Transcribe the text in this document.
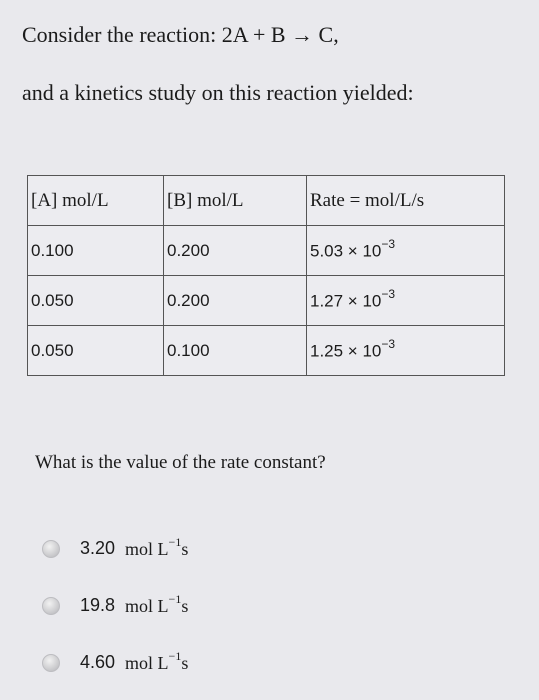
Consider the reaction: 2A + B → C,
and a kinetics study on this reaction yielded:
[A] mol/L	[B] mol/L	Rate = mol/L/s
0.100	0.200	$5.03 \times 10^{-3}$
0.050	0.200	$1.27 \times 10^{-3}$
0.050	0.100	$1.25 \times 10^{-3}$
What is the value of the rate constant?
3.20 mol $L^{-1}s$
19.8 mol $L^{-1}s$
4.60 mol $L^{-1}s$
